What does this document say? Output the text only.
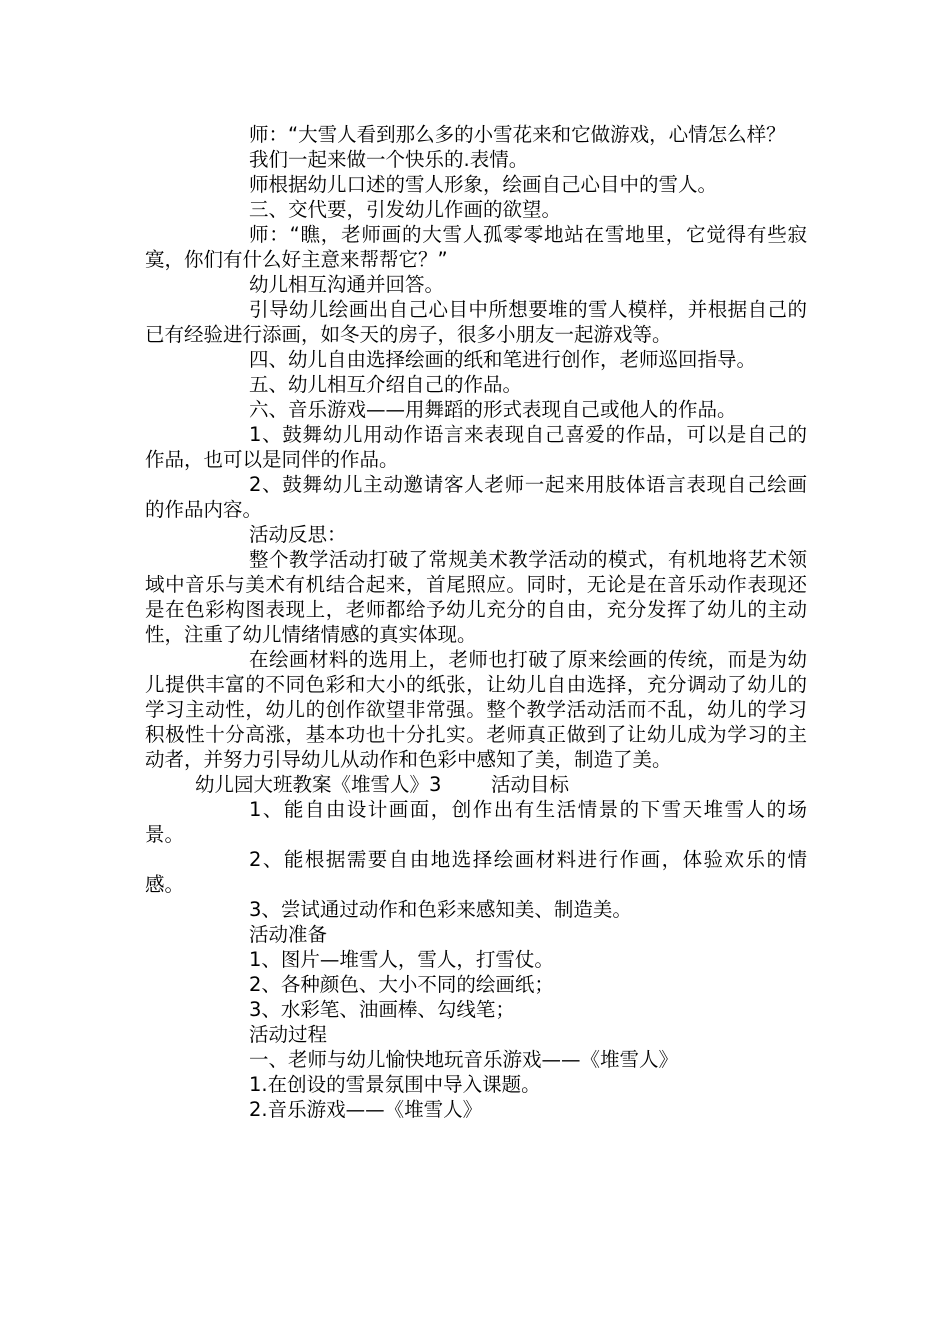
师：“大雪人看到那么多的小雪花来和它做游戏，心情怎么样？

我们一起来做一个快乐的.表情。

师根据幼儿口述的雪人形象，绘画自己心目中的雪人。

三、交代要，引发幼儿作画的欲望。

师：“瞧，老师画的大雪人孤零零地站在雪地里，它觉得有些寂寞，你们有什么好主意来帮帮它？”

幼儿相互沟通并回答。

引导幼儿绘画出自己心目中所想要堆的雪人模样，并根据自己的已有经验进行添画，如冬天的房子，很多小朋友一起游戏等。

四、幼儿自由选择绘画的纸和笔进行创作，老师巡回指导。

五、幼儿相互介绍自己的作品。

六、音乐游戏——用舞蹈的形式表现自己或他人的作品。

1、鼓舞幼儿用动作语言来表现自己喜爱的作品，可以是自己的作品，也可以是同伴的作品。

2、鼓舞幼儿主动邀请客人老师一起来用肢体语言表现自己绘画的作品内容。

活动反思：

整个教学活动打破了常规美术教学活动的模式，有机地将艺术领域中音乐与美术有机结合起来，首尾照应。同时，无论是在音乐动作表现还是在色彩构图表现上，老师都给予幼儿充分的自由，充分发挥了幼儿的主动性，注重了幼儿情绪情感的真实体现。

在绘画材料的选用上，老师也打破了原来绘画的传统，而是为幼儿提供丰富的不同色彩和大小的纸张，让幼儿自由选择，充分调动了幼儿的学习主动性，幼儿的创作欲望非常强。整个教学活动活而不乱，幼儿的学习积极性十分高涨，基本功也十分扎实。老师真正做到了让幼儿成为学习的主动者，并努力引导幼儿从动作和色彩中感知了美，制造了美。

幼儿园大班教案《堆雪人》3        活动目标

1、能自由设计画面，创作出有生活情景的下雪天堆雪人的场景。

2、能根据需要自由地选择绘画材料进行作画，体验欢乐的情感。

3、尝试通过动作和色彩来感知美、制造美。

活动准备

1、图片—堆雪人，雪人，打雪仗。

2、各种颜色、大小不同的绘画纸；

3、水彩笔、油画棒、勾线笔；

活动过程

一、老师与幼儿愉快地玩音乐游戏——《堆雪人》

1.在创设的雪景氛围中导入课题。

2.音乐游戏——《堆雪人》
